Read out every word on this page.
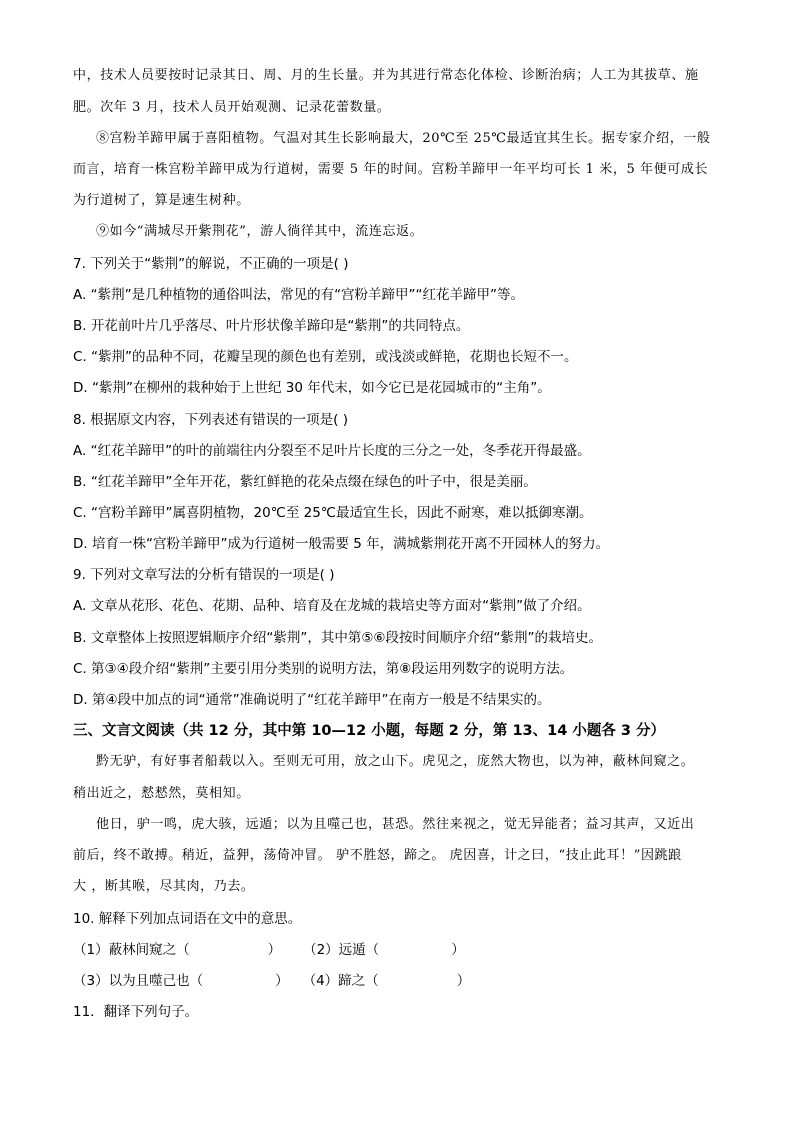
中，技术人员要按时记录其日、周、月的生长量。并为其进行常态化体检、诊断治病；人工为其拔草、施
肥。次年 3 月，技术人员开始观测、记录花蕾数量。
⑧宫粉羊蹄甲属于喜阳植物。气温对其生长影响最大，20℃至 25℃最适宜其生长。据专家介绍，一般
而言，培育一株宫粉羊蹄甲成为行道树，需要 5 年的时间。宫粉羊蹄甲一年平均可长 1 米，5 年便可成长
为行道树了，算是速生树种。
⑨如今“满城尽开紫荆花”，游人徜徉其中，流连忘返。
7. 下列关于“紫荆”的解说，不正确的一项是( )
A. “紫荆”是几种植物的通俗叫法，常见的有“宫粉羊蹄甲”“红花羊蹄甲”等。
B. 开花前叶片几乎落尽、叶片形状像羊蹄印是“紫荆”的共同特点。
C. “紫荆”的品种不同，花瓣呈现的颜色也有差别，或浅淡或鲜艳，花期也长短不一。
D. “紫荆”在柳州的栽种始于上世纪 30 年代末，如今它已是花园城市的“主角”。
8. 根据原文内容，下列表述有错误的一项是( )
A. “红花羊蹄甲”的叶的前端往内分裂至不足叶片长度的三分之一处，冬季花开得最盛。
B. “红花羊蹄甲”全年开花，紫红鲜艳的花朵点缀在绿色的叶子中，很是美丽。
C. “宫粉羊蹄甲”属喜阴植物，20℃至 25℃最适宜生长，因此不耐寒，难以抵御寒潮。
D. 培育一株“宫粉羊蹄甲”成为行道树一般需要 5 年，满城紫荆花开离不开园林人的努力。
9. 下列对文章写法的分析有错误的一项是( )
A. 文章从花形、花色、花期、品种、培育及在龙城的栽培史等方面对“紫荆”做了介绍。
B. 文章整体上按照逻辑顺序介绍“紫荆”，其中第⑤⑥段按时间顺序介绍“紫荆”的栽培史。
C. 第③④段介绍“紫荆”主要引用分类别的说明方法，第⑧段运用列数字的说明方法。
D. 第④段中加点的词“通常”准确说明了“红花羊蹄甲”在南方一般是不结果实的。
三、文言文阅读（共 12 分，其中第 10—12 小题，每题 2 分，第 13、14 小题各 3 分）
黔无驴，有好事者船载以入。至则无可用，放之山下。虎见之，庞然大物也，以为神，蔽林间窥之。
稍出近之，慭慭然，莫相知。
他日，驴一鸣，虎大骇，远遁；以为且噬己也，甚恐。然往来视之，觉无异能者；益习其声，又近出
前后，终不敢搏。稍近，益狎，荡倚冲冒。 驴不胜怒，蹄之。 虎因喜，计之曰，“技止此耳！”因跳踉
大 ，断其喉，尽其肉，乃去。
10. 解释下列加点词语在文中的意思。
（1）蔽林间窥之（	） （2）远遁（	）
（3）以为且噬己也（	） （4）蹄之（	）
11．翻译下列句子。
